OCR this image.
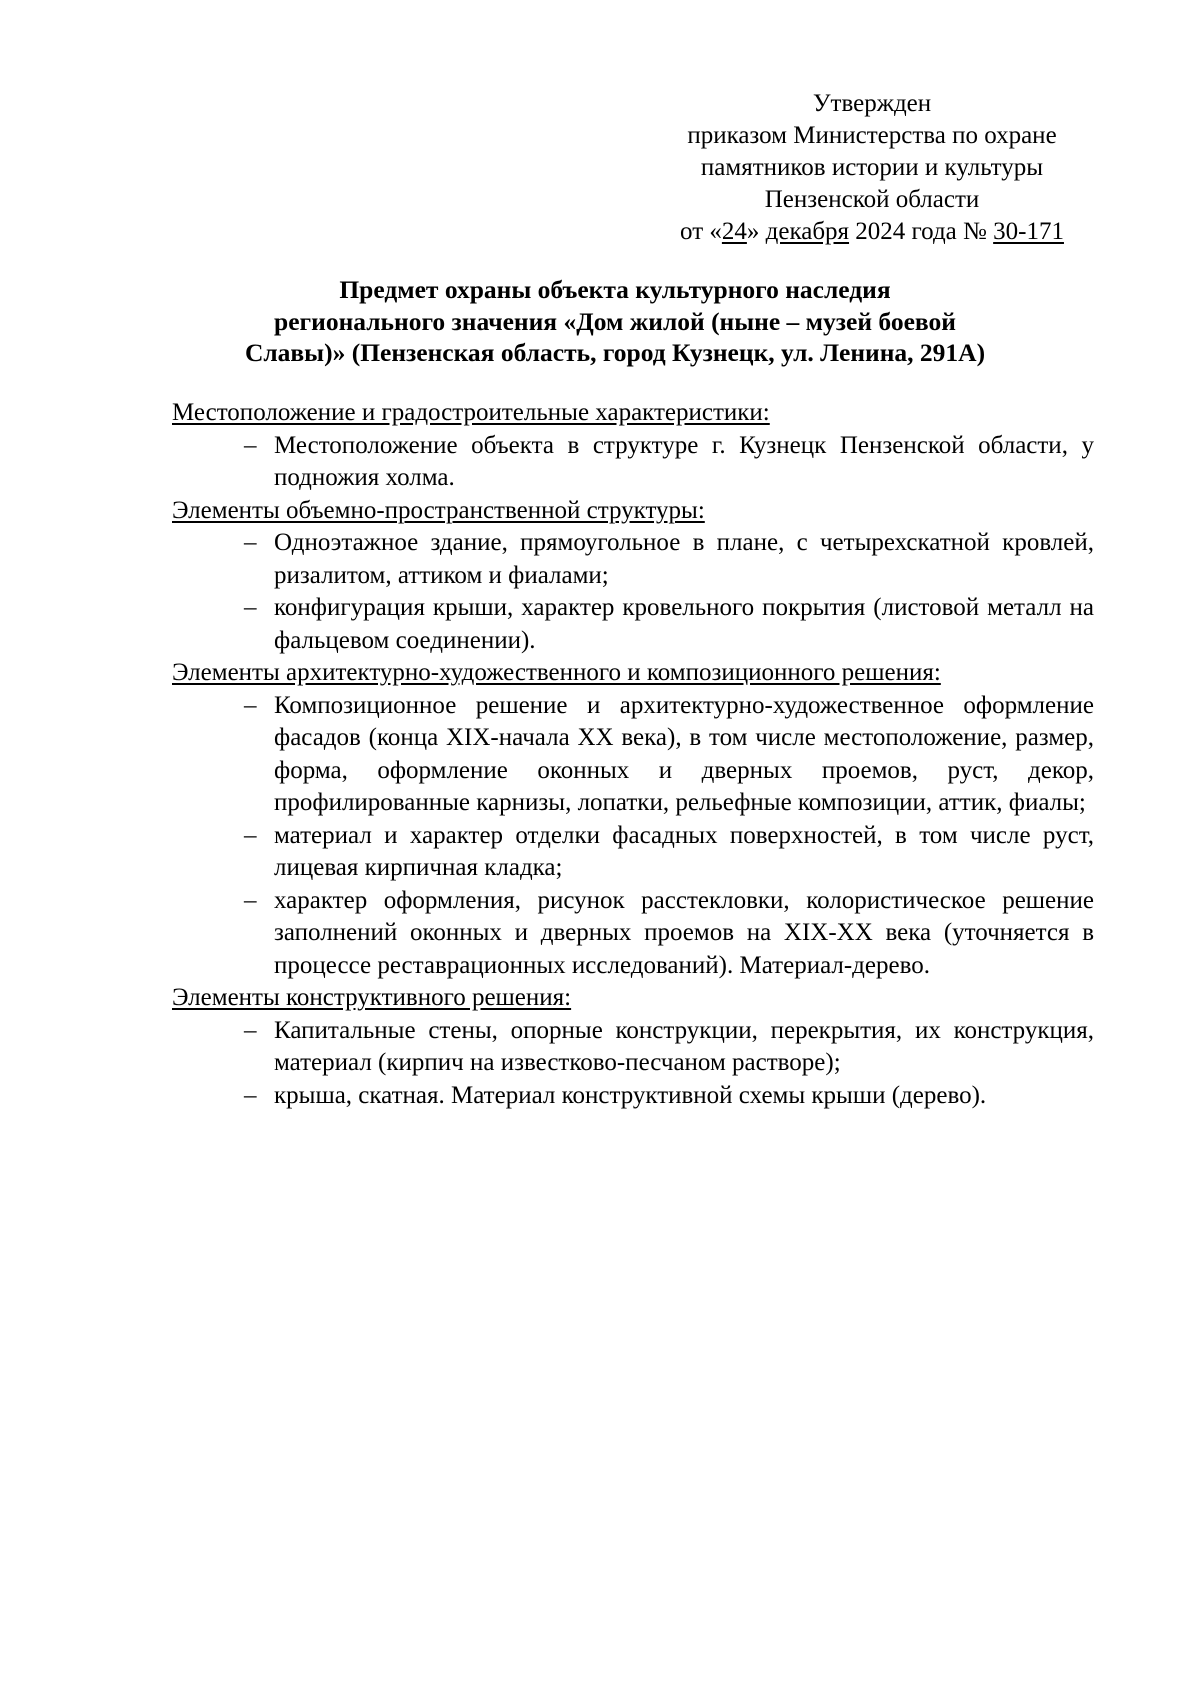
Утвержден
приказом Министерства по охране
памятников истории и культуры
Пензенской области
от «24» декабря 2024 года № 30-171
Предмет охраны объекта культурного наследия
регионального значения «Дом жилой (ныне – музей боевой
Славы)» (Пензенская область, город Кузнецк, ул. Ленина, 291А)
Местоположение и градостроительные характеристики:
– Местоположение объекта в структуре г. Кузнецк Пензенской области, у подножия холма.
Элементы объемно-пространственной структуры:
– Одноэтажное здание, прямоугольное в плане, с четырехскатной кровлей, ризалитом, аттиком и фиалами;
– конфигурация крыши, характер кровельного покрытия (листовой металл на фальцевом соединении).
Элементы архитектурно-художественного и композиционного решения:
– Композиционное решение и архитектурно-художественное оформление фасадов (конца XIX-начала XX века), в том числе местоположение, размер, форма, оформление оконных и дверных проемов, руст, декор, профилированные карнизы, лопатки, рельефные композиции, аттик, фиалы;
– материал и характер отделки фасадных поверхностей, в том числе руст, лицевая кирпичная кладка;
– характер оформления, рисунок расстекловки, колористическое решение заполнений оконных и дверных проемов на XIX-XX века (уточняется в процессе реставрационных исследований). Материал-дерево.
Элементы конструктивного решения:
– Капитальные стены, опорные конструкции, перекрытия, их конструкция, материал (кирпич на известково-песчаном растворе);
– крыша, скатная. Материал конструктивной схемы крыши (дерево).
